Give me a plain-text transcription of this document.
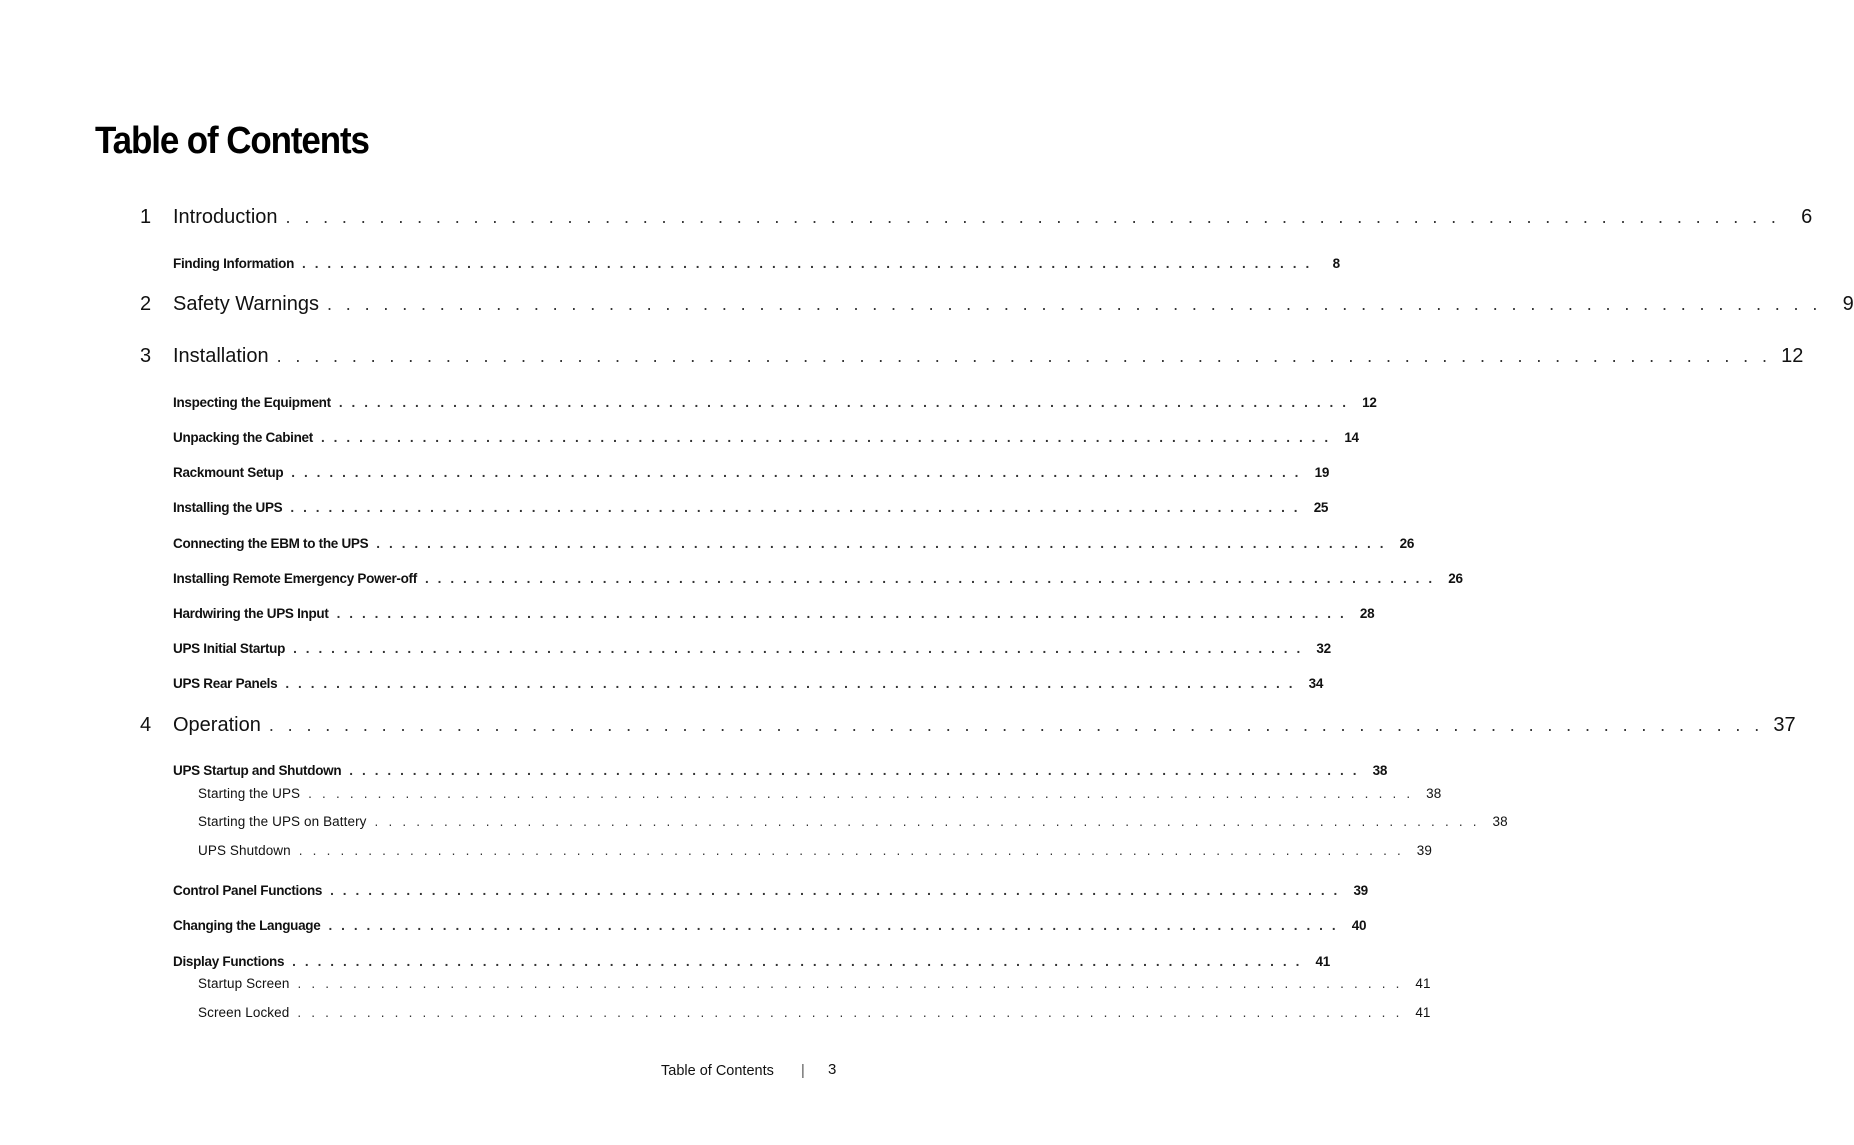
Table of Contents
1 Introduction . . . . . . . . . . . . . . . . . . . . . . . . . . . . . . . . . . . . . . . . . . . . . . . . . . . . . . . . . . . . . . . . . . . . . . . . . . . . . . . .	6
Finding Information . . . . . . . . . . . . . . . . . . . . . . . . . . . . . . . . . . . . . . . . . . . . . . . . . . . . . . . . . . . . . . . . . . . . . . . . . . . . . . . .	8
2 Safety Warnings . . . . . . . . . . . . . . . . . . . . . . . . . . . . . . . . . . . . . . . . . . . . . . . . . . . . . . . . . . . . . . . . . . . . . . . . . . . . . . . .	9
3 Installation . . . . . . . . . . . . . . . . . . . . . . . . . . . . . . . . . . . . . . . . . . . . . . . . . . . . . . . . . . . . . . . . . . . . . . . . . . . . . . . . 12
Inspecting the Equipment . . . . . . . . . . . . . . . . . . . . . . . . . . . . . . . . . . . . . . . . . . . . . . . . . . . . . . . . . . . . . . . . . . . . . . . . . . . . . . . .	12
Unpacking the Cabinet . . . . . . . . . . . . . . . . . . . . . . . . . . . . . . . . . . . . . . . . . . . . . . . . . . . . . . . . . . . . . . . . . . . . . . . . . . . . . . . .	14
Rackmount Setup . . . . . . . . . . . . . . . . . . . . . . . . . . . . . . . . . . . . . . . . . . . . . . . . . . . . . . . . . . . . . . . . . . . . . . . . . . . . . . . .	19
Installing the UPS . . . . . . . . . . . . . . . . . . . . . . . . . . . . . . . . . . . . . . . . . . . . . . . . . . . . . . . . . . . . . . . . . . . . . . . . . . . . . . . .	25
Connecting the EBM to the UPS . . . . . . . . . . . . . . . . . . . . . . . . . . . . . . . . . . . . . . . . . . . . . . . . . . . . . . . . . . . . . . . . . . . . . . . . . . . . . . . .	26
Installing Remote Emergency Power-off . . . . . . . . . . . . . . . . . . . . . . . . . . . . . . . . . . . . . . . . . . . . . . . . . . . . . . . . . . . . . . . . . . . . . . . . . . . . . . . .	26
Hardwiring the UPS Input . . . . . . . . . . . . . . . . . . . . . . . . . . . . . . . . . . . . . . . . . . . . . . . . . . . . . . . . . . . . . . . . . . . . . . . . . . . . . . . .	28
UPS Initial Startup . . . . . . . . . . . . . . . . . . . . . . . . . . . . . . . . . . . . . . . . . . . . . . . . . . . . . . . . . . . . . . . . . . . . . . . . . . . . . . . .	32
UPS Rear Panels . . . . . . . . . . . . . . . . . . . . . . . . . . . . . . . . . . . . . . . . . . . . . . . . . . . . . . . . . . . . . . . . . . . . . . . . . . . . . . . .	34
4 Operation . . . . . . . . . . . . . . . . . . . . . . . . . . . . . . . . . . . . . . . . . . . . . . . . . . . . . . . . . . . . . . . . . . . . . . . . . . . . . . . . 37
UPS Startup and Shutdown . . . . . . . . . . . . . . . . . . . . . . . . . . . . . . . . . . . . . . . . . . . . . . . . . . . . . . . . . . . . . . . . . . . . . . . . . . . . . . . .	38
Starting the UPS . . . . . . . . . . . . . . . . . . . . . . . . . . . . . . . . . . . . . . . . . . . . . . . . . . . . . . . . . . . . . . . . . . . . . . . . . . . . . . . . 38
Starting the UPS on Battery . . . . . . . . . . . . . . . . . . . . . . . . . . . . . . . . . . . . . . . . . . . . . . . . . . . . . . . . . . . . . . . . . . . . . . . . . . . . . . . . 38
UPS Shutdown . . . . . . . . . . . . . . . . . . . . . . . . . . . . . . . . . . . . . . . . . . . . . . . . . . . . . . . . . . . . . . . . . . . . . . . . . . . . . . . . 39
Control Panel Functions . . . . . . . . . . . . . . . . . . . . . . . . . . . . . . . . . . . . . . . . . . . . . . . . . . . . . . . . . . . . . . . . . . . . . . . . . . . . . . . .	39
Changing the Language . . . . . . . . . . . . . . . . . . . . . . . . . . . . . . . . . . . . . . . . . . . . . . . . . . . . . . . . . . . . . . . . . . . . . . . . . . . . . . . .	40
Display Functions . . . . . . . . . . . . . . . . . . . . . . . . . . . . . . . . . . . . . . . . . . . . . . . . . . . . . . . . . . . . . . . . . . . . . . . . . . . . . . . .	41
Startup Screen . . . . . . . . . . . . . . . . . . . . . . . . . . . . . . . . . . . . . . . . . . . . . . . . . . . . . . . . . . . . . . . . . . . . . . . . . . . . . . . . 41
Screen Locked . . . . . . . . . . . . . . . . . . . . . . . . . . . . . . . . . . . . . . . . . . . . . . . . . . . . . . . . . . . . . . . . . . . . . . . . . . . . . . . . 41
Table of Contents | 3
